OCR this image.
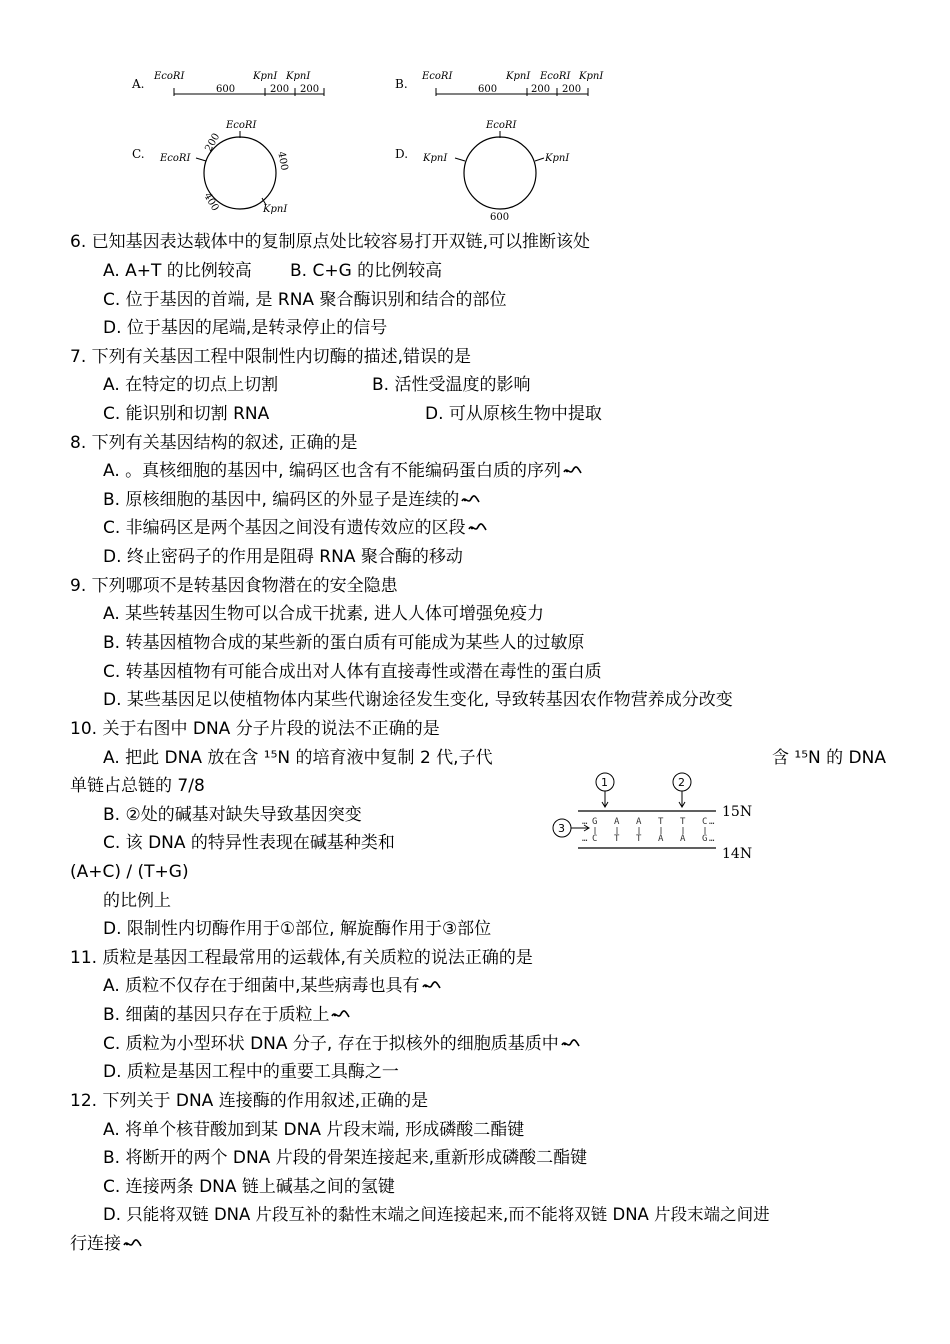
A.
EcoRI	KpnI KpnI
600	200 200	B.
EcoRI	KpnI EcoRI KpnI
600	200 200
C.
EcoRI
EcoRI
KpnI
200
400
400
D.
EcoRI
KpnI	KpnI
600
6. 已知基因表达载体中的复制原点处比较容易打开双链,可以推断该处
A. A+T 的比例较高 B. C+G 的比例较高
C. 位于基因的首端, 是 RNA 聚合酶识别和结合的部位
D. 位于基因的尾端,是转录停止的信号
7. 下列有关基因工程中限制性内切酶的描述,错误的是
A. 在特定的切点上切割	B. 活性受温度的影响
C. 能识别和切割 RNA	D. 可从原核生物中提取
8. 下列有关基因结构的叙述, 正确的是
A. 。真核细胞的基因中, 编码区也含有不能编码蛋白质的序列
B. 原核细胞的基因中, 编码区的外显子是连续的
C. 非编码区是两个基因之间没有遗传效应的区段
D. 终止密码子的作用是阻碍 RNA 聚合酶的移动
9. 下列哪项不是转基因食物潜在的安全隐患
A. 某些转基因生物可以合成干扰素, 进人人体可增强免疫力
B. 转基因植物合成的某些新的蛋白质有可能成为某些人的过敏原
C. 转基因植物有可能合成出对人体有直接毒性或潜在毒性的蛋白质
D. 某些基因足以使植物体内某些代谢途径发生变化, 导致转基因农作物营养成分改变
10. 关于右图中 DNA 分子片段的说法不正确的是
A. 把此 DNA 放在含 ¹⁵N 的培育液中复制 2 代,子代	含 ¹⁵N 的 DNA
单链占总链的 7/8
B. ②处的碱基对缺失导致基因突变
C. 该 DNA 的特异性表现在碱基种类和
(A+C) / (T+G)
的比例上
D. 限制性内切酶作用于①部位, 解旋酶作用于③部位
1	2
3 …
…
G A A T T C …
C T T A A G …
15N
14N
11. 质粒是基因工程最常用的运载体,有关质粒的说法正确的是
A. 质粒不仅存在于细菌中,某些病毒也具有
B. 细菌的基因只存在于质粒上
C. 质粒为小型环状 DNA 分子, 存在于拟核外的细胞质基质中
D. 质粒是基因工程中的重要工具酶之一
12. 下列关于 DNA 连接酶的作用叙述,正确的是
A. 将单个核苷酸加到某 DNA 片段末端, 形成磷酸二酯键
B. 将断开的两个 DNA 片段的骨架连接起来,重新形成磷酸二酯键
C. 连接两条 DNA 链上碱基之间的氢键
D. 只能将双链 DNA 片段互补的黏性末端之间连接起来,而不能将双链 DNA 片段末端之间进
行连接
